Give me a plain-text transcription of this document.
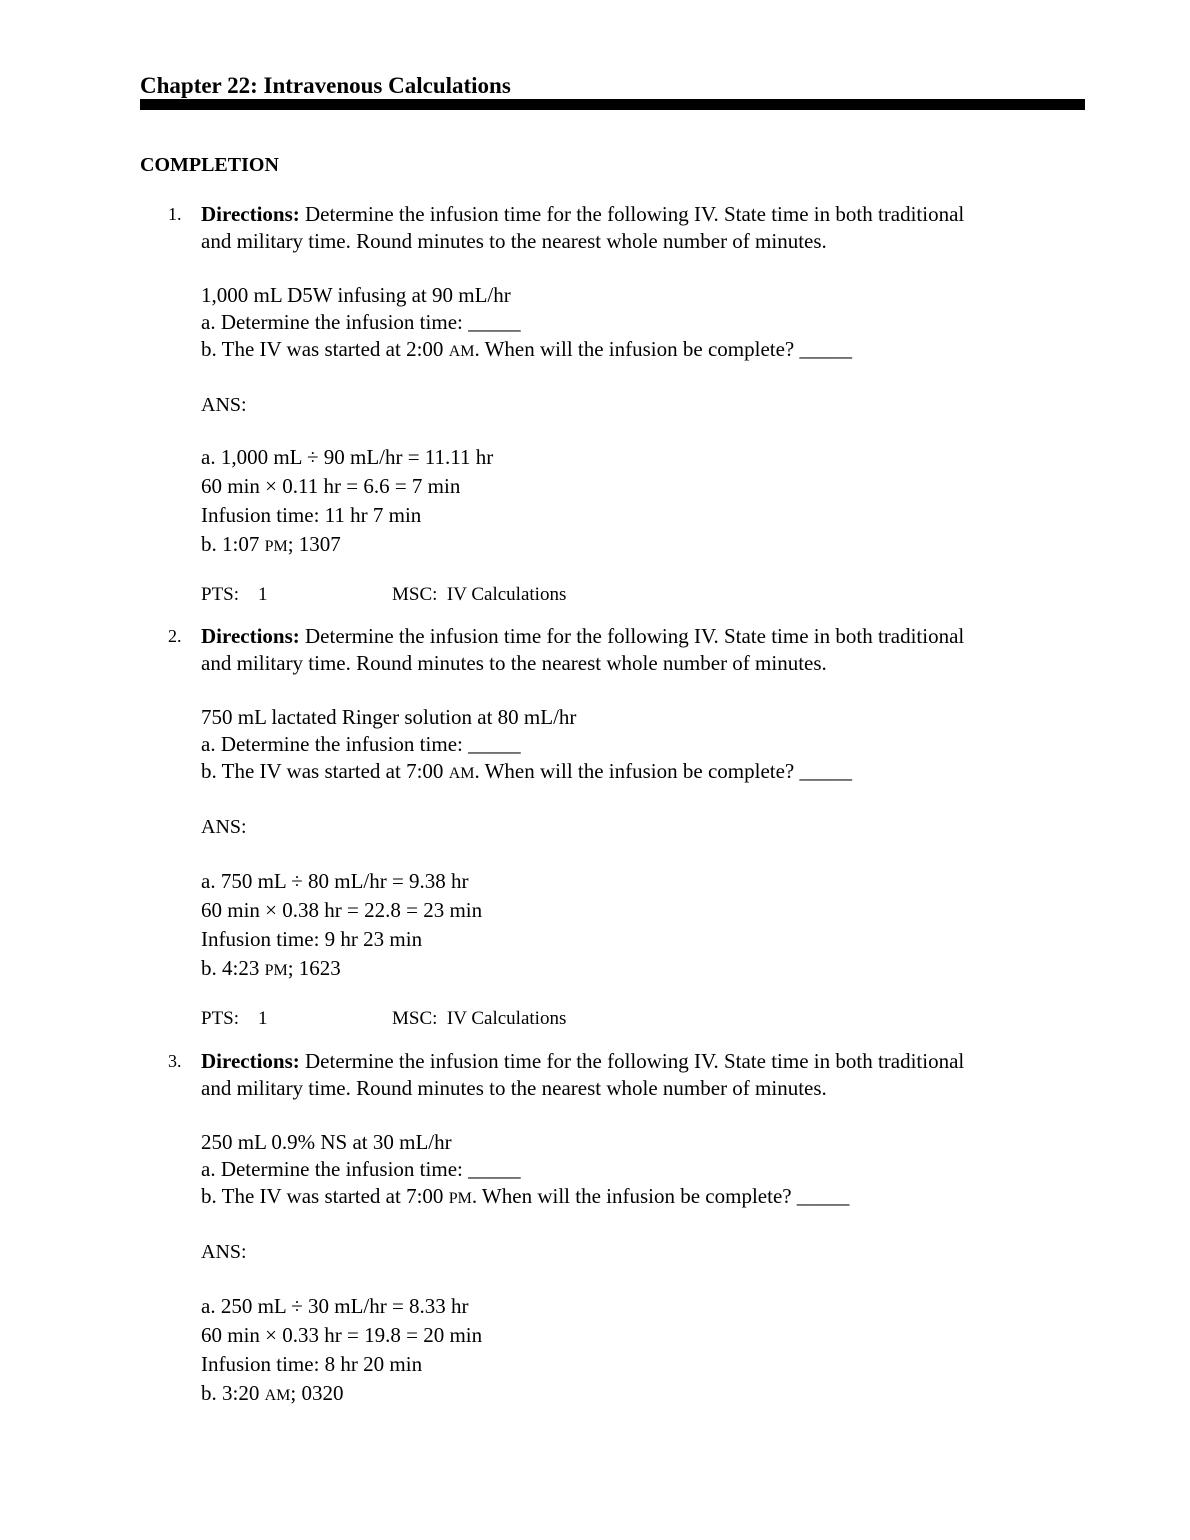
Chapter 22: Intravenous Calculations
COMPLETION
1. Directions: Determine the infusion time for the following IV. State time in both traditional
and military time. Round minutes to the nearest whole number of minutes.
1,000 mL D5W infusing at 90 mL/hr
a. Determine the infusion time: _____
b. The IV was started at 2:00 AM. When will the infusion be complete? _____
ANS:
a. 1,000 mL ÷ 90 mL/hr = 11.11 hr
60 min × 0.11 hr = 6.6 = 7 min
Infusion time: 11 hr 7 min
b. 1:07 PM; 1307
PTS:    1	MSC:  IV Calculations
2. Directions: Determine the infusion time for the following IV. State time in both traditional
and military time. Round minutes to the nearest whole number of minutes.
750 mL lactated Ringer solution at 80 mL/hr
a. Determine the infusion time: _____
b. The IV was started at 7:00 AM. When will the infusion be complete? _____
ANS:
a. 750 mL ÷ 80 mL/hr = 9.38 hr
60 min × 0.38 hr = 22.8 = 23 min
Infusion time: 9 hr 23 min
b. 4:23 PM; 1623
PTS:    1	MSC:  IV Calculations
3. Directions: Determine the infusion time for the following IV. State time in both traditional
and military time. Round minutes to the nearest whole number of minutes.
250 mL 0.9% NS at 30 mL/hr
a. Determine the infusion time: _____
b. The IV was started at 7:00 PM. When will the infusion be complete? _____
ANS:
a. 250 mL ÷ 30 mL/hr = 8.33 hr
60 min × 0.33 hr = 19.8 = 20 min
Infusion time: 8 hr 20 min
b. 3:20 AM; 0320
